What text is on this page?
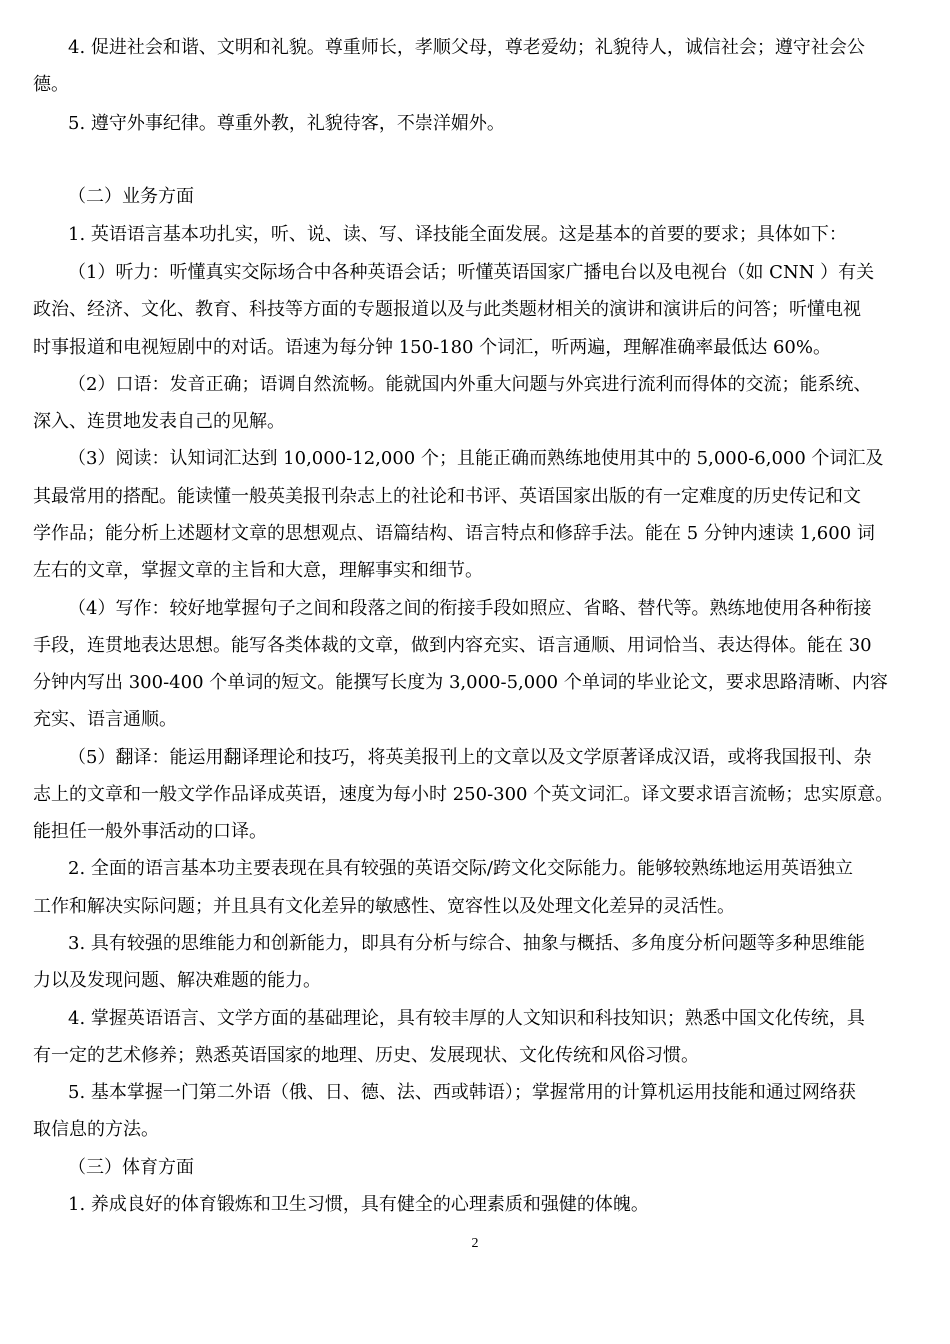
4. 促进社会和谐、文明和礼貌。尊重师长，孝顺父母，尊老爱幼；礼貌待人，诚信社会；遵守社会公
德。
5. 遵守外事纪律。尊重外教，礼貌待客，不崇洋媚外。
（二）业务方面
1. 英语语言基本功扎实，听、说、读、写、译技能全面发展。这是基本的首要的要求；具体如下：
（1）听力：听懂真实交际场合中各种英语会话；听懂英语国家广播电台以及电视台（如 CNN ）有关
政治、经济、文化、教育、科技等方面的专题报道以及与此类题材相关的演讲和演讲后的问答；听懂电视
时事报道和电视短剧中的对话。语速为每分钟 150-180 个词汇，听两遍，理解准确率最低达 60%。
（2）口语：发音正确；语调自然流畅。能就国内外重大问题与外宾进行流利而得体的交流；能系统、
深入、连贯地发表自己的见解。
（3）阅读：认知词汇达到 10,000-12,000 个；且能正确而熟练地使用其中的 5,000-6,000 个词汇及
其最常用的搭配。能读懂一般英美报刊杂志上的社论和书评、英语国家出版的有一定难度的历史传记和文
学作品；能分析上述题材文章的思想观点、语篇结构、语言特点和修辞手法。能在 5 分钟内速读 1,600 词
左右的文章，掌握文章的主旨和大意，理解事实和细节。
（4）写作：较好地掌握句子之间和段落之间的衔接手段如照应、省略、替代等。熟练地使用各种衔接
手段，连贯地表达思想。能写各类体裁的文章，做到内容充实、语言通顺、用词恰当、表达得体。能在 30
分钟内写出 300-400 个单词的短文。能撰写长度为 3,000-5,000 个单词的毕业论文，要求思路清晰、内容
充实、语言通顺。
（5）翻译：能运用翻译理论和技巧，将英美报刊上的文章以及文学原著译成汉语，或将我国报刊、杂
志上的文章和一般文学作品译成英语，速度为每小时 250-300 个英文词汇。译文要求语言流畅；忠实原意。
能担任一般外事活动的口译。
2. 全面的语言基本功主要表现在具有较强的英语交际/跨文化交际能力。能够较熟练地运用英语独立
工作和解决实际问题；并且具有文化差异的敏感性、宽容性以及处理文化差异的灵活性。
3. 具有较强的思维能力和创新能力，即具有分析与综合、抽象与概括、多角度分析问题等多种思维能
力以及发现问题、解决难题的能力。
4. 掌握英语语言、文学方面的基础理论，具有较丰厚的人文知识和科技知识；熟悉中国文化传统，具
有一定的艺术修养；熟悉英语国家的地理、历史、发展现状、文化传统和风俗习惯。
5. 基本掌握一门第二外语（俄、日、德、法、西或韩语）；掌握常用的计算机运用技能和通过网络获
取信息的方法。
（三）体育方面
1. 养成良好的体育锻炼和卫生习惯，具有健全的心理素质和强健的体魄。
2
